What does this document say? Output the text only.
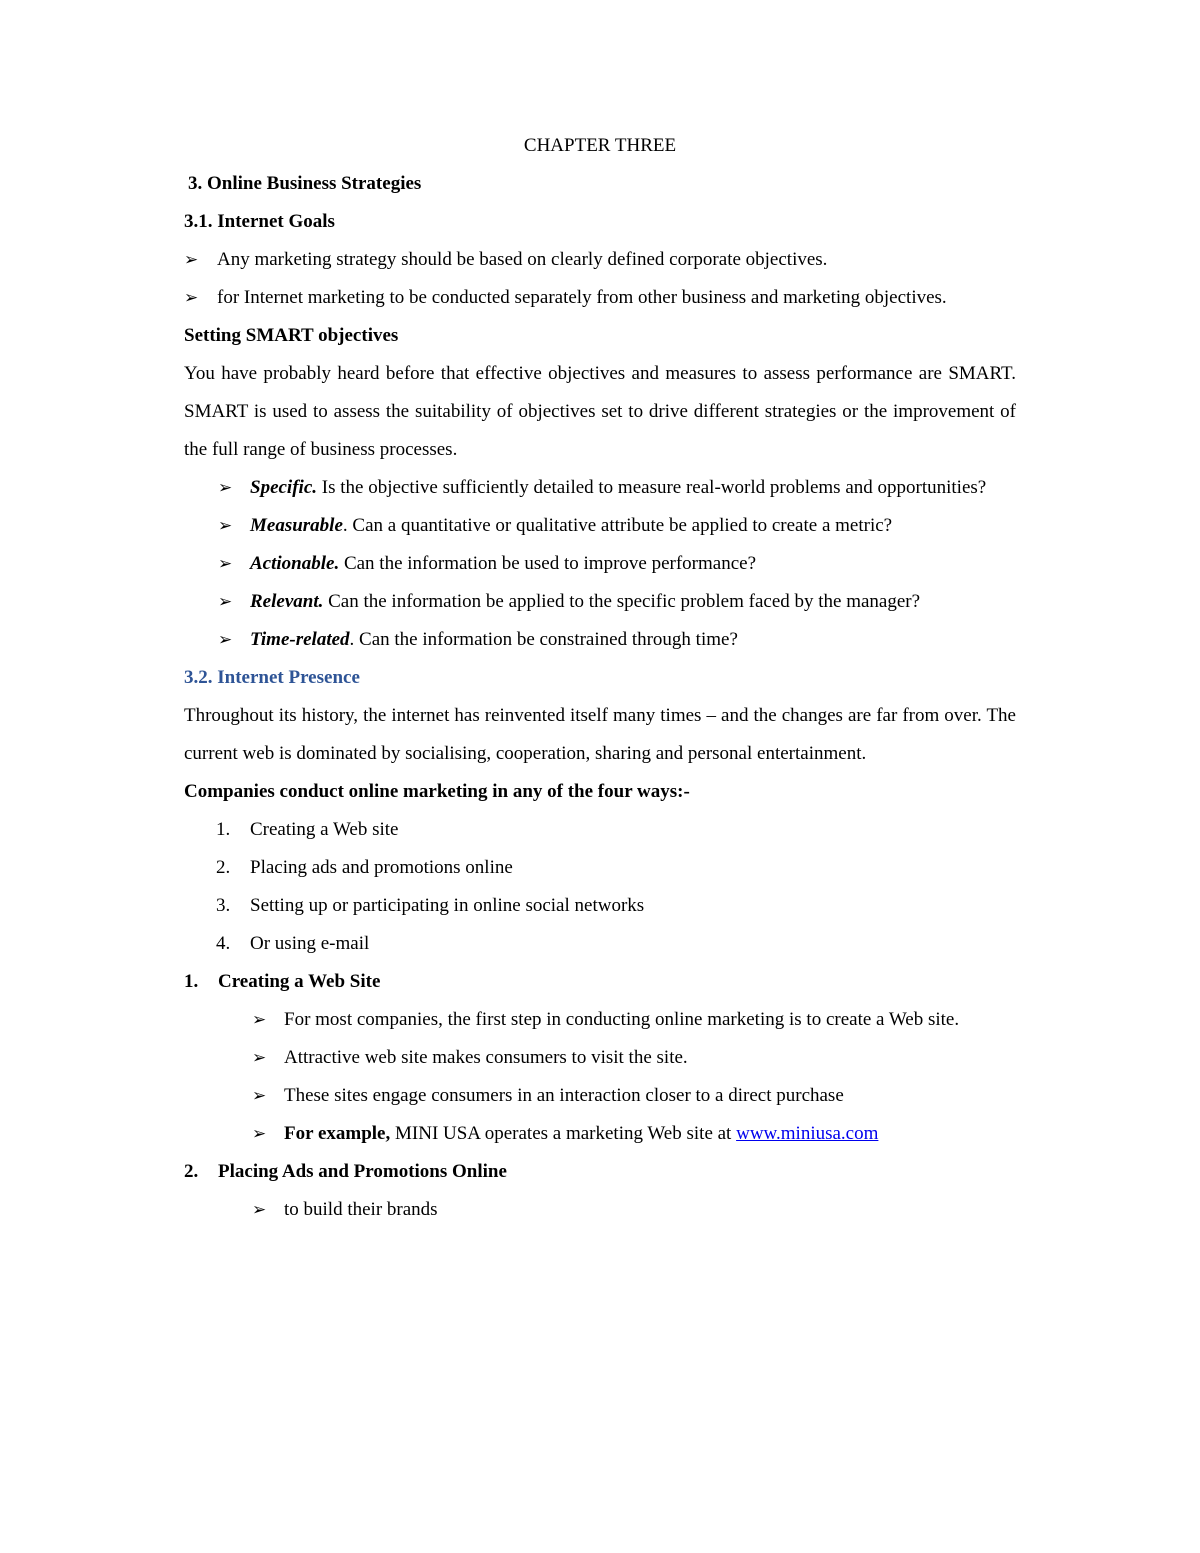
CHAPTER THREE

3. Online Business Strategies

3.1. Internet Goals

➢ Any marketing strategy should be based on clearly defined corporate objectives.

➢ for Internet marketing to be conducted separately from other business and marketing objectives.

Setting SMART objectives

You have probably heard before that effective objectives and measures to assess performance are SMART. SMART is used to assess the suitability of objectives set to drive different strategies or the improvement of the full range of business processes.

➢ Specific. Is the objective sufficiently detailed to measure real-world problems and opportunities?

➢ Measurable. Can a quantitative or qualitative attribute be applied to create a metric?

➢ Actionable. Can the information be used to improve performance?

➢ Relevant. Can the information be applied to the specific problem faced by the manager?

➢ Time-related. Can the information be constrained through time?

3.2. Internet Presence

Throughout its history, the internet has reinvented itself many times – and the changes are far from over. The current web is dominated by socialising, cooperation, sharing and personal entertainment.

Companies conduct online marketing in any of the four ways:-

1. Creating a Web site

2. Placing ads and promotions online

3. Setting up or participating in online social networks

4. Or using e-mail

1. Creating a Web Site

➢ For most companies, the first step in conducting online marketing is to create a Web site.

➢ Attractive web site makes consumers to visit the site.

➢ These sites engage consumers in an interaction closer to a direct purchase

➢ For example, MINI USA operates a marketing Web site at www.miniusa.com

2. Placing Ads and Promotions Online

➢ to build their brands
